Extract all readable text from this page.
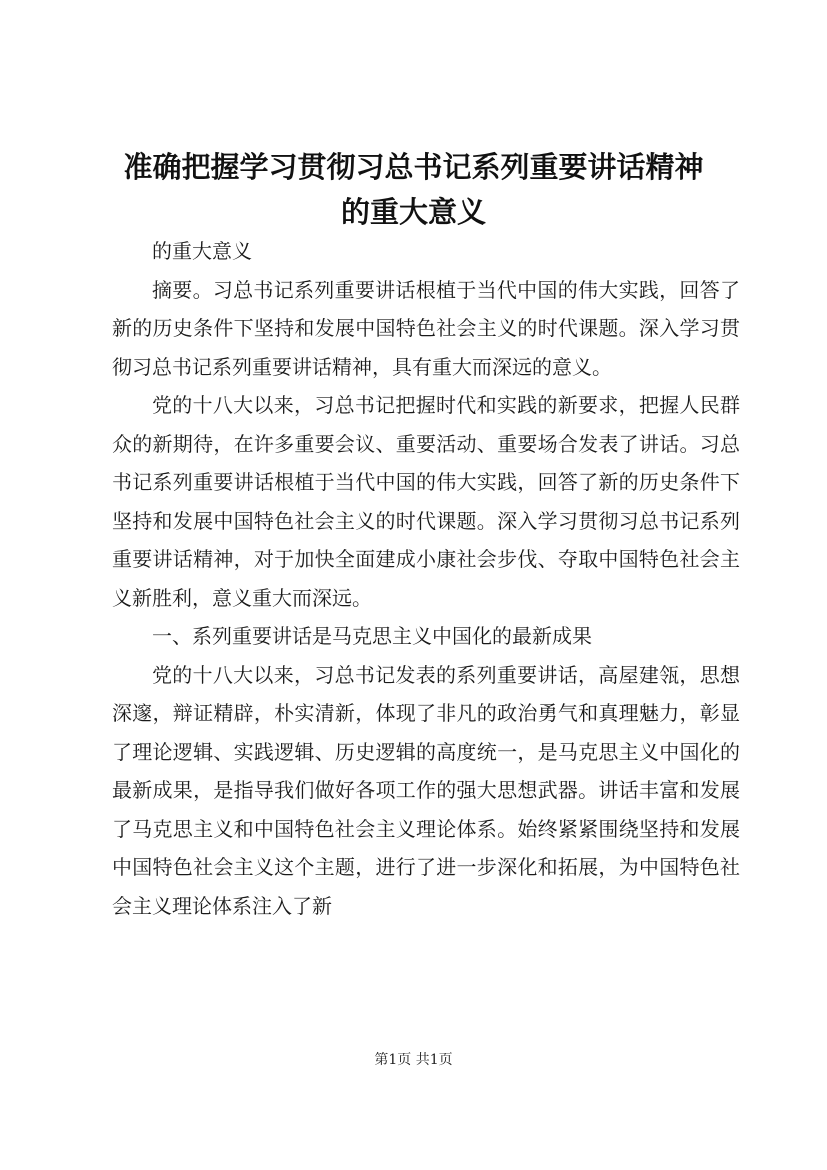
准确把握学习贯彻习总书记系列重要讲话精神
的重大意义

的重大意义

摘要。习总书记系列重要讲话根植于当代中国的伟大实践，回答了新的历史条件下坚持和发展中国特色社会主义的时代课题。深入学习贯彻习总书记系列重要讲话精神，具有重大而深远的意义。

党的十八大以来，习总书记把握时代和实践的新要求，把握人民群众的新期待，在许多重要会议、重要活动、重要场合发表了讲话。习总书记系列重要讲话根植于当代中国的伟大实践，回答了新的历史条件下坚持和发展中国特色社会主义的时代课题。深入学习贯彻习总书记系列重要讲话精神，对于加快全面建成小康社会步伐、夺取中国特色社会主义新胜利，意义重大而深远。

一、系列重要讲话是马克思主义中国化的最新成果

党的十八大以来，习总书记发表的系列重要讲话，高屋建瓴，思想深邃，辩证精辟，朴实清新，体现了非凡的政治勇气和真理魅力，彰显了理论逻辑、实践逻辑、历史逻辑的高度统一，是马克思主义中国化的最新成果，是指导我们做好各项工作的强大思想武器。讲话丰富和发展了马克思主义和中国特色社会主义理论体系。始终紧紧围绕坚持和发展中国特色社会主义这个主题，进行了进一步深化和拓展，为中国特色社会主义理论体系注入了新

第1页 共1页
